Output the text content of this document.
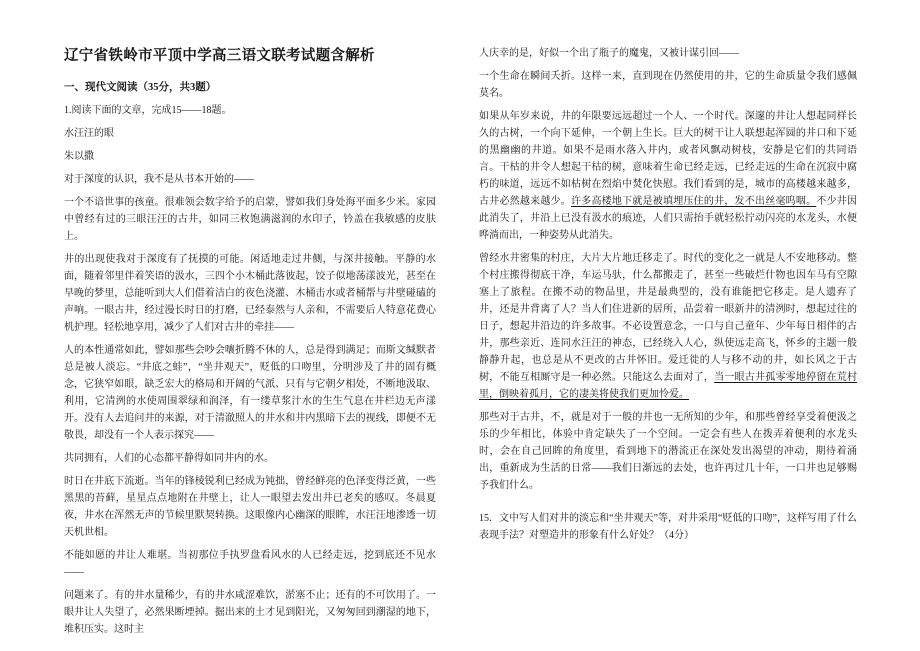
辽宁省铁岭市平顶中学高三语文联考试题含解析

一、现代文阅读（35分，共3题）

1.阅读下面的文章，完成15——18题。

水汪汪的眼

朱以撒

对于深度的认识，我不是从书本开始的——

一个不谙世事的孩童。很难领会数字给予的启蒙，譬如我们身处海平面多少米。家园中曾经有过的三眼汪汪的古井，如同三枚饱满滋润的水印子，钤盖在我敏感的皮肤上。

井的出现使我对于深度有了抚摸的可能。闲适地走过井侧，与深井接触。平静的水面，随着邻里伴着笑语的汲水，三四个小木桶此落彼起，饺子似地荡漾波光，甚至在早晚的梦里，总能听到大人们借着洁白的夜色浇灌、木桶击水或者桶帮与井壁碰磕的声响。一眼古井，经过漫长时日的打磨，已经泰然与人亲和，不需要后人特意花费心机护理。轻松地享用，减少了人们对古井的牵挂——

人的本性通常如此，譬如那些会吵会嚷折腾不休的人，总是得到满足；而斯文缄默者总是被人淡忘。“井底之蛙”，“坐井观天”，贬低的口吻里，分明涉及了井的固有概念，它狭窄如眼，缺乏宏大的格局和开阔的气派、只有与它朝夕相处，不断地汲取、利用，它清洌的水使周围翠绿和润泽，有一缕草浆汁水的生生气息在井栏边无声漾开。没有人去追问井的来源，对于清澈照人的井水和井内黑暗下去的视线，即便不无敬畏，却没有一个人表示探究——

共同拥有，人们的心态都平静得如同井内的水。

时日在井底下流逝。当年的锋棱锐利已经成为钝拙，曾经鲜亮的色泽变得泛黄，一些黑黑的苔藓，星星点点地附在井壁上，让人一眼望去发出井已老矣的感叹。冬晨夏夜，井水在浑然无声的节候里默契转换。这眼像内心幽深的眼眸，水汪汪地渗透一切天机世相。

不能如愿的井让人难堪。当初那位手执罗盘看风水的人已经走远，挖到底还不见水——

问题来了。有的井水量稀少，有的井水咸涩难饮，淤塞不止；还有的不可饮用了。一眼井让人失望了，必然果断堙掉。掘出来的土才见到阳光，又匆匆回到潮湿的地下，堆积压实。这时主

人庆幸的是，好似一个出了瓶子的魔鬼，又被计谋引回——

一个生命在瞬间夭折。这样一来，直到现在仍然使用的井，它的生命质量令我们感佩莫名。

如果从年岁来说，井的年限要远远超过一个人、一个时代。深邃的井让人想起同样长久的古树，一个向下延伸，一个朝上生长。巨大的树干让人联想起浑圆的井口和下延的黑幽幽的井道。如果不是雨水落入井内，或者风飘动树枝，安静是它们的共同语言。干枯的井令人想起干枯的树，意味着生命已经走远，已经走远的生命在沉寂中腐朽的味道，远远不如枯树在烈焰中焚化快慰。我们看到的是，城市的高楼越来越多，古井必然越来越少。许多高楼地下就是被填埋压住的井，发不出丝毫呜咽。不少井因此消失了，井沿上已没有汲水的痕迹，人们只需抬手就轻松拧动闪亮的水龙头，水便哗淌而出，一种姿势从此消失。

曾经水井密集的村庄，大片大片地迁移走了。时代的变化之一就是人不安地移动。整个村庄搬得彻底干净，车运马驮，什么都搬走了，甚至一些破烂什物也因车马有空隙塞上了旅程。在搬不动的物品里，井是最典型的，没有谁能把它移走。是人遗弃了井，还是井背离了人？当人们住进新的居所，品尝着一眼新井的清洌时，想起过往的日子，想起井沿边的许多故事。不必设置意念，一口与自己童年、少年每日相伴的古井，那些亲近、连同水汪汪的神态，已经绕入人心，纵使远走高飞，怀乡的主题一般静静升起，也总是从不更改的古井怀旧。爱迁徙的人与移不动的井，如长风之于古树，不能互相厮守是一种必然。只能这么去面对了，当一眼古井孤零零地停留在荒村里，倒映着孤月，它的凄美将使我们更加怜爱。

那些对于古井，不，就是对于一般的井也一无所知的少年，和那些曾经享受着便汲之乐的少年相比，体验中肯定缺失了一个空间。一定会有些人在拨弄着便利的水龙头时，会在自己回眸的角度里，看到地下的潜流正在深处发出渴望的冲动，期待着涌出，重新成为生活的日常——我们日渐远的去处，也许再过几十年，一口井也足够赐予我们什么。

15．文中写人们对井的淡忘和“坐井观天”等，对井采用“贬低的口吻”，这样写用了什么表现手法？对塑造井的形象有什么好处？（4分）
